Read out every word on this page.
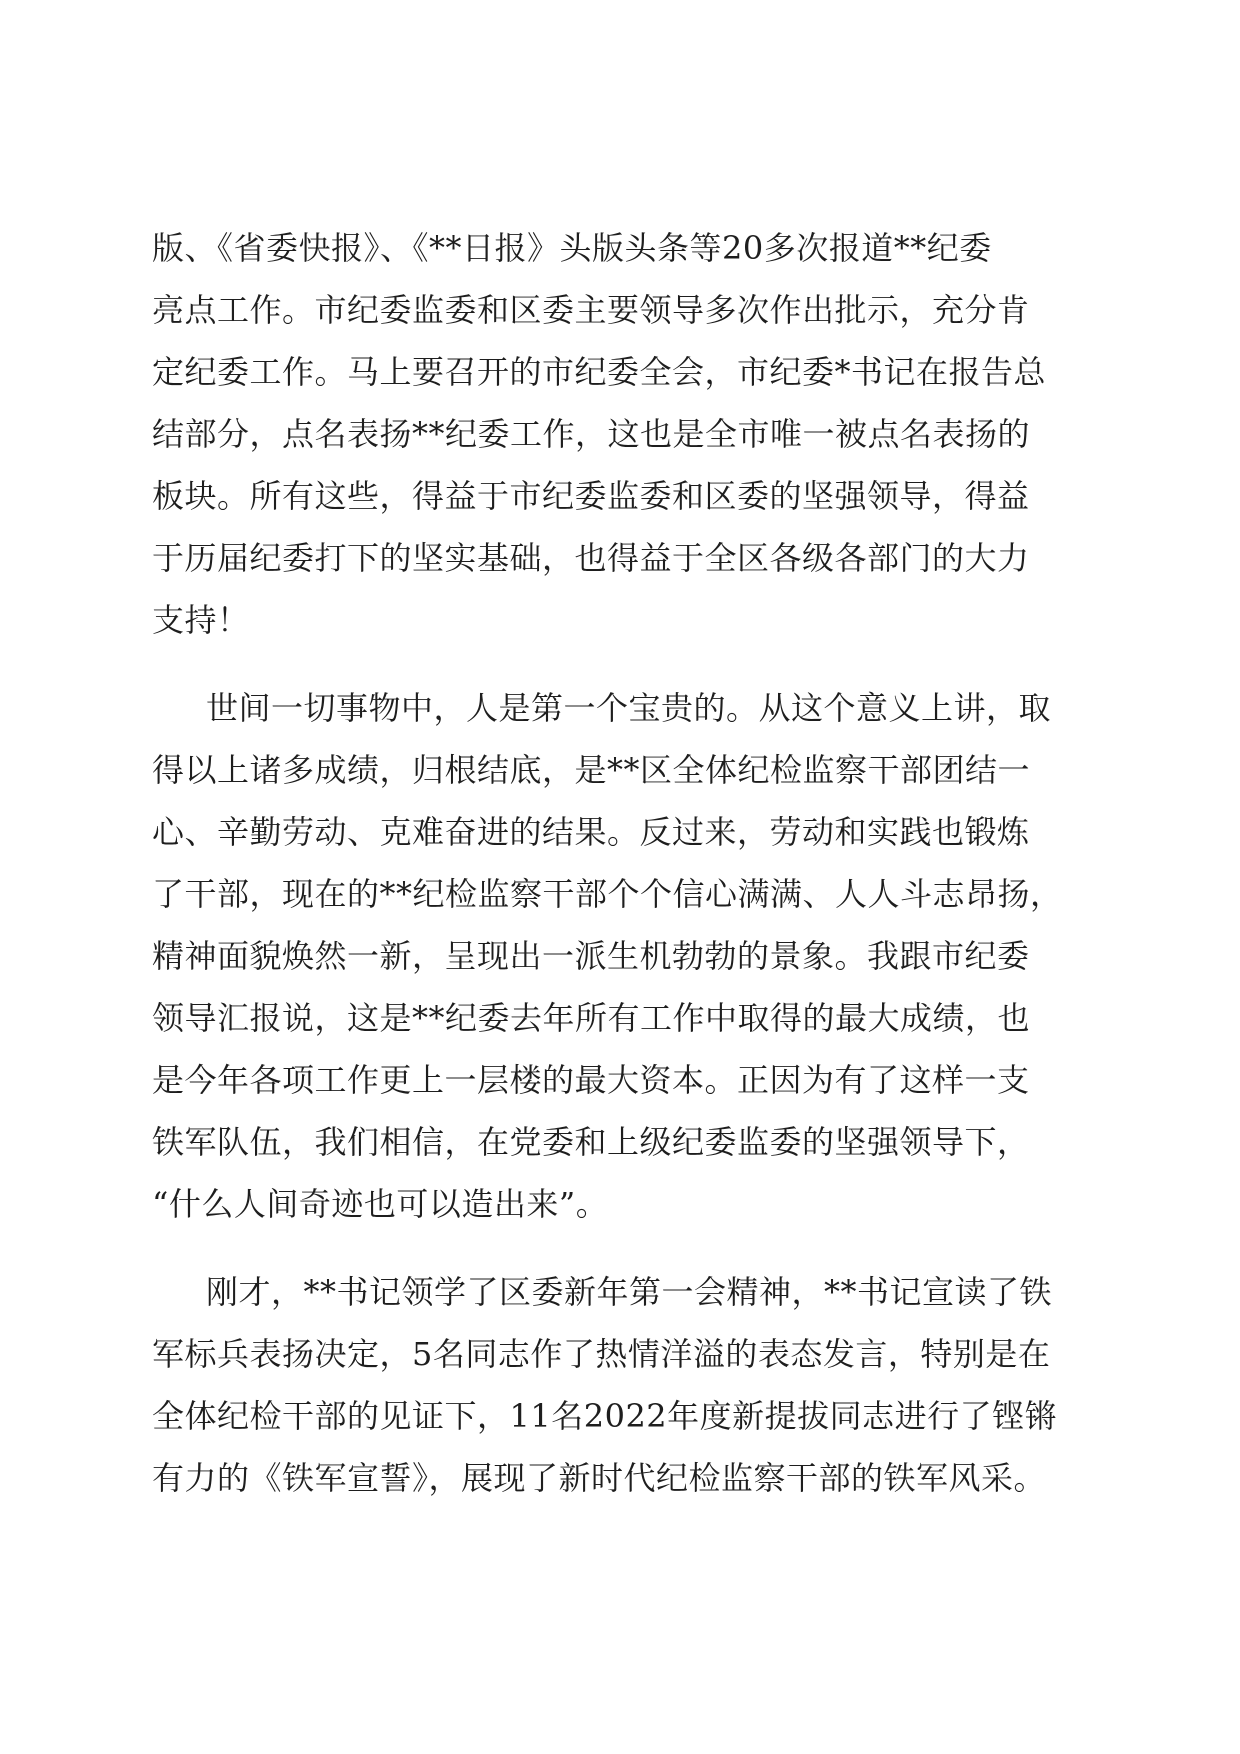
版、《省委快报》、《**日报》头版头条等20多次报道**纪委
亮点工作。市纪委监委和区委主要领导多次作出批示，充分肯
定纪委工作。马上要召开的市纪委全会，市纪委*书记在报告总
结部分，点名表扬**纪委工作，这也是全市唯一被点名表扬的
板块。所有这些，得益于市纪委监委和区委的坚强领导，得益
于历届纪委打下的坚实基础，也得益于全区各级各部门的大力
支持！
世间一切事物中，人是第一个宝贵的。从这个意义上讲，取
得以上诸多成绩，归根结底，是**区全体纪检监察干部团结一
心、辛勤劳动、克难奋进的结果。反过来，劳动和实践也锻炼
了干部，现在的**纪检监察干部个个信心满满、人人斗志昂扬，
精神面貌焕然一新，呈现出一派生机勃勃的景象。我跟市纪委
领导汇报说，这是**纪委去年所有工作中取得的最大成绩，也
是今年各项工作更上一层楼的最大资本。正因为有了这样一支
铁军队伍，我们相信，在党委和上级纪委监委的坚强领导下，
“什么人间奇迹也可以造出来”。
刚才，**书记领学了区委新年第一会精神，**书记宣读了铁
军标兵表扬决定，5名同志作了热情洋溢的表态发言，特别是在
全体纪检干部的见证下，11名2022年度新提拔同志进行了铿锵
有力的《铁军宣誓》，展现了新时代纪检监察干部的铁军风采。
